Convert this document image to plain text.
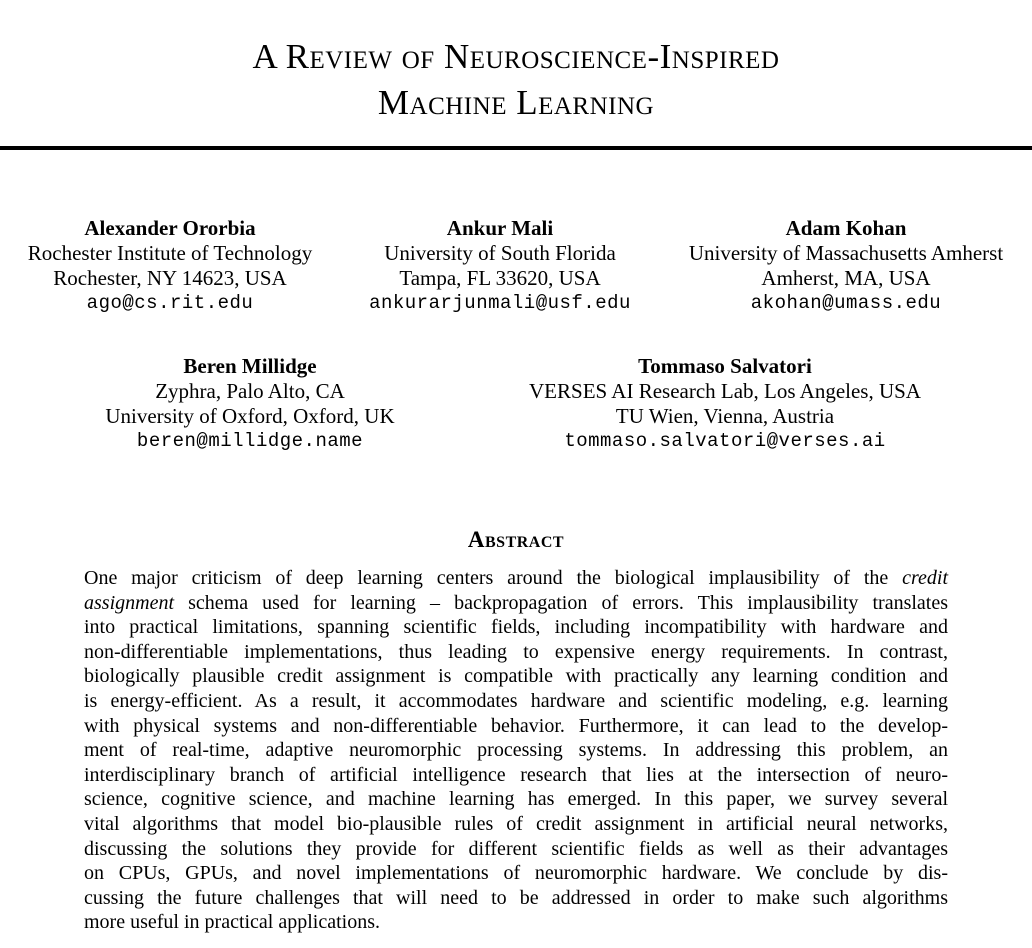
A Review of Neuroscience-Inspired
Machine Learning
Alexander Ororbia
Rochester Institute of Technology
Rochester, NY 14623, USA
ago@cs.rit.edu
Ankur Mali
University of South Florida
Tampa, FL 33620, USA
ankurarjunmali@usf.edu
Adam Kohan
University of Massachusetts Amherst
Amherst, MA, USA
akohan@umass.edu
Beren Millidge
Zyphra, Palo Alto, CA
University of Oxford, Oxford, UK
beren@millidge.name
Tommaso Salvatori
VERSES AI Research Lab, Los Angeles, USA
TU Wien, Vienna, Austria
tommaso.salvatori@verses.ai
Abstract
One major criticism of deep learning centers around the biological implausibility of the credit
assignment schema used for learning – backpropagation of errors. This implausibility translates
into practical limitations, spanning scientific fields, including incompatibility with hardware and
non-differentiable implementations, thus leading to expensive energy requirements. In contrast,
biologically plausible credit assignment is compatible with practically any learning condition and
is energy-efficient. As a result, it accommodates hardware and scientific modeling, e.g. learning
with physical systems and non-differentiable behavior. Furthermore, it can lead to the develop-
ment of real-time, adaptive neuromorphic processing systems. In addressing this problem, an
interdisciplinary branch of artificial intelligence research that lies at the intersection of neuro-
science, cognitive science, and machine learning has emerged. In this paper, we survey several
vital algorithms that model bio-plausible rules of credit assignment in artificial neural networks,
discussing the solutions they provide for different scientific fields as well as their advantages
on CPUs, GPUs, and novel implementations of neuromorphic hardware. We conclude by dis-
cussing the future challenges that will need to be addressed in order to make such algorithms
more useful in practical applications.
